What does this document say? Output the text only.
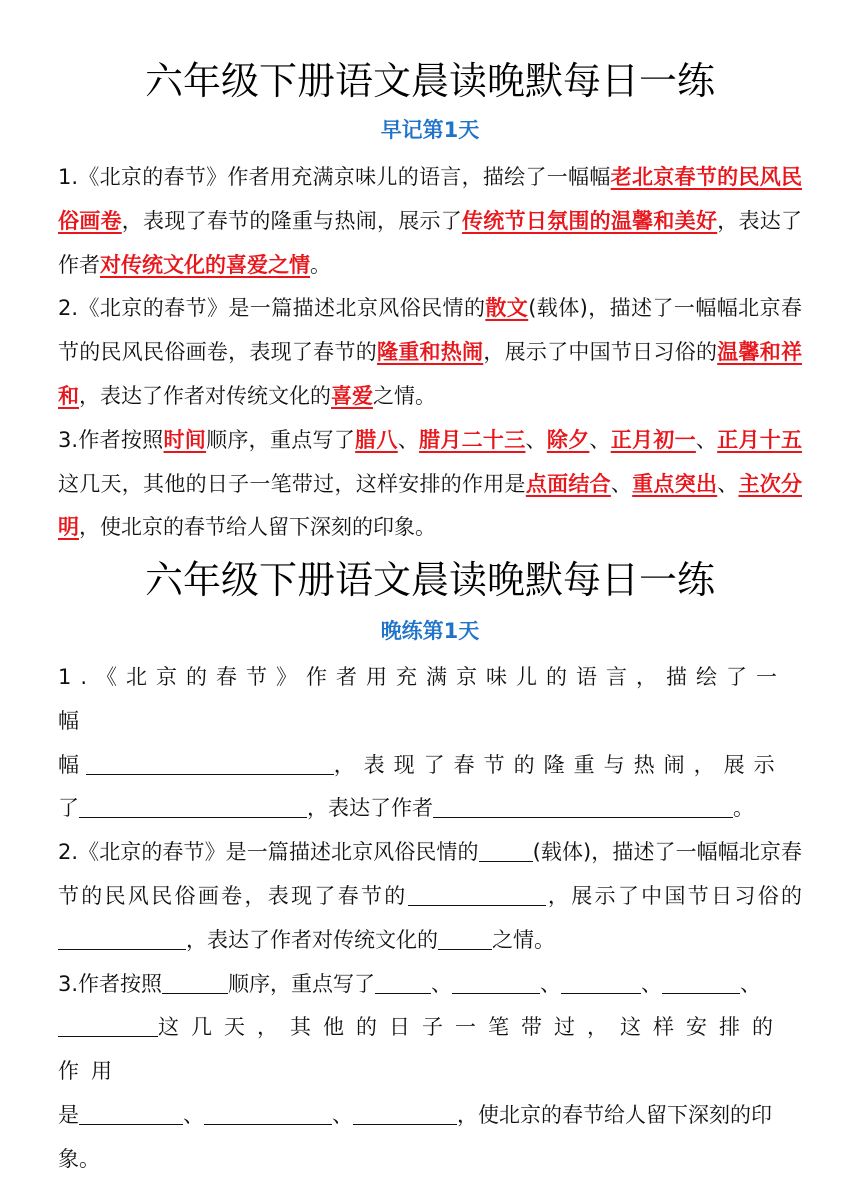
六年级下册语文晨读晚默每日一练
早记第1天

1.《北京的春节》作者用充满京味儿的语言，描绘了一幅幅老北京春节的民风民俗画卷，表现了春节的隆重与热闹，展示了传统节日氛围的温馨和美好，表达了作者对传统文化的喜爱之情。

2.《北京的春节》是一篇描述北京风俗民情的散文(载体)，描述了一幅幅北京春节的民风民俗画卷，表现了春节的隆重和热闹，展示了中国节日习俗的温馨和祥和，表达了作者对传统文化的喜爱之情。

3.作者按照时间顺序，重点写了腊八、腊月二十三、除夕、正月初一、正月十五这几天，其他的日子一笔带过，这样安排的作用是点面结合、重点突出、主次分明，使北京的春节给人留下深刻的印象。

六年级下册语文晨读晚默每日一练
晚练第1天

1.《北京的春节》作者用充满京味儿的语言，描绘了一幅
幅	，表现了春节的隆重与热闹，展示
了	，表达了作者	。

2.《北京的春节》是一篇描述北京风俗民情的	(载体)，描述了一幅幅北京春节的民风民俗画卷，表现了春节的	，展示了中国节日习俗的，表达了作者对传统文化的	之情。

3.作者按照	顺序，重点写了	、	、	、	、
这几天，其他的日子一笔带过，这样安排的作用
是	、	、	，使北京的春节给人留下深刻的印象。
